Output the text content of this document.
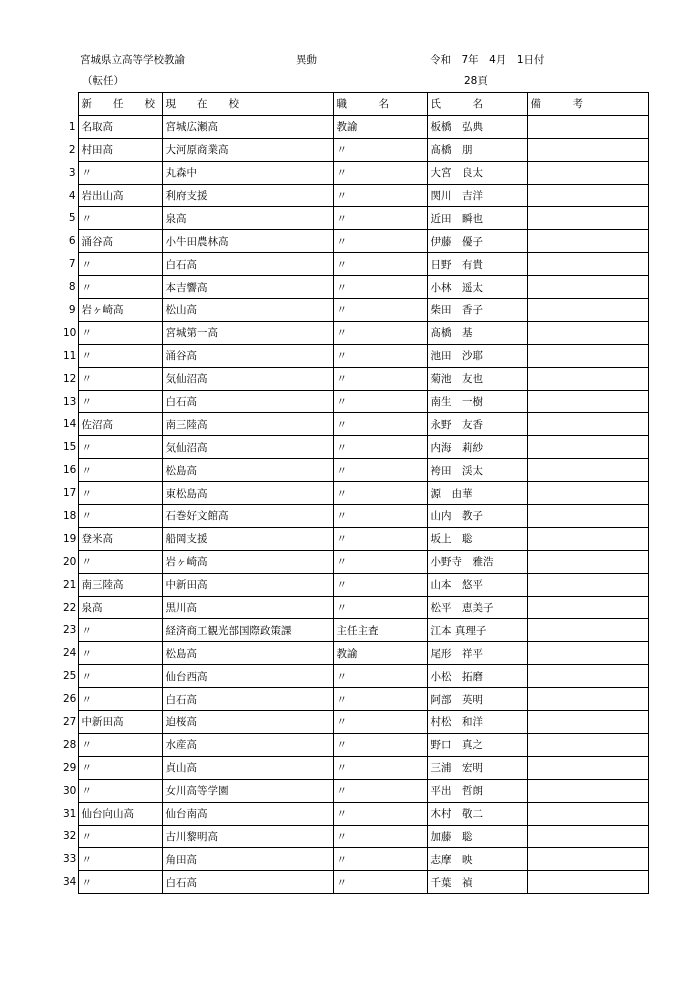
宮城県立高等学校教諭	異動	令和　7年　4月　1日付
（転任）	28頁
	新　　任　　校	現　　在　　校	職　　　名	氏　　　名	備　　　考
1	名取高	宮城広瀬高	教諭	板橋　弘典	
2	村田高	大河原商業高	〃	髙橋　朋	
3	〃	丸森中	〃	大宮　良太	
4	岩出山高	利府支援	〃	関川　吉洋	
5	〃	泉高	〃	近田　瞬也	
6	涌谷高	小牛田農林高	〃	伊藤　優子	
7	〃	白石高	〃	日野　有貴	
8	〃	本吉響高	〃	小林　遥太	
9	岩ヶ崎高	松山高	〃	柴田　香子	
10	〃	宮城第一高	〃	髙橋　基	
11	〃	涌谷高	〃	池田　沙耶	
12	〃	気仙沼高	〃	菊池　友也	
13	〃	白石高	〃	南生　一樹	
14	佐沼高	南三陸高	〃	永野　友香	
15	〃	気仙沼高	〃	内海　莉紗	
16	〃	松島高	〃	袴田　渓太	
17	〃	東松島高	〃	源　由華	
18	〃	石巻好文館高	〃	山内　教子	
19	登米高	船岡支援	〃	坂上　聡	
20	〃	岩ヶ崎高	〃	小野寺　雅浩	
21	南三陸高	中新田高	〃	山本　悠平	
22	泉高	黒川高	〃	松平　恵美子	
23	〃	経済商工観光部国際政策課	主任主査	江本 真理子	
24	〃	松島高	教諭	尾形　祥平	
25	〃	仙台西高	〃	小松　拓磨	
26	〃	白石高	〃	阿部　英明	
27	中新田高	迫桜高	〃	村松　和洋	
28	〃	水産高	〃	野口　真之	
29	〃	貞山高	〃	三浦　宏明	
30	〃	女川高等学園	〃	平出　哲朗	
31	仙台向山高	仙台南高	〃	木村　敬二	
32	〃	古川黎明高	〃	加藤　聡	
33	〃	角田高	〃	志摩　映	
34	〃	白石高	〃	千葉　禎	
